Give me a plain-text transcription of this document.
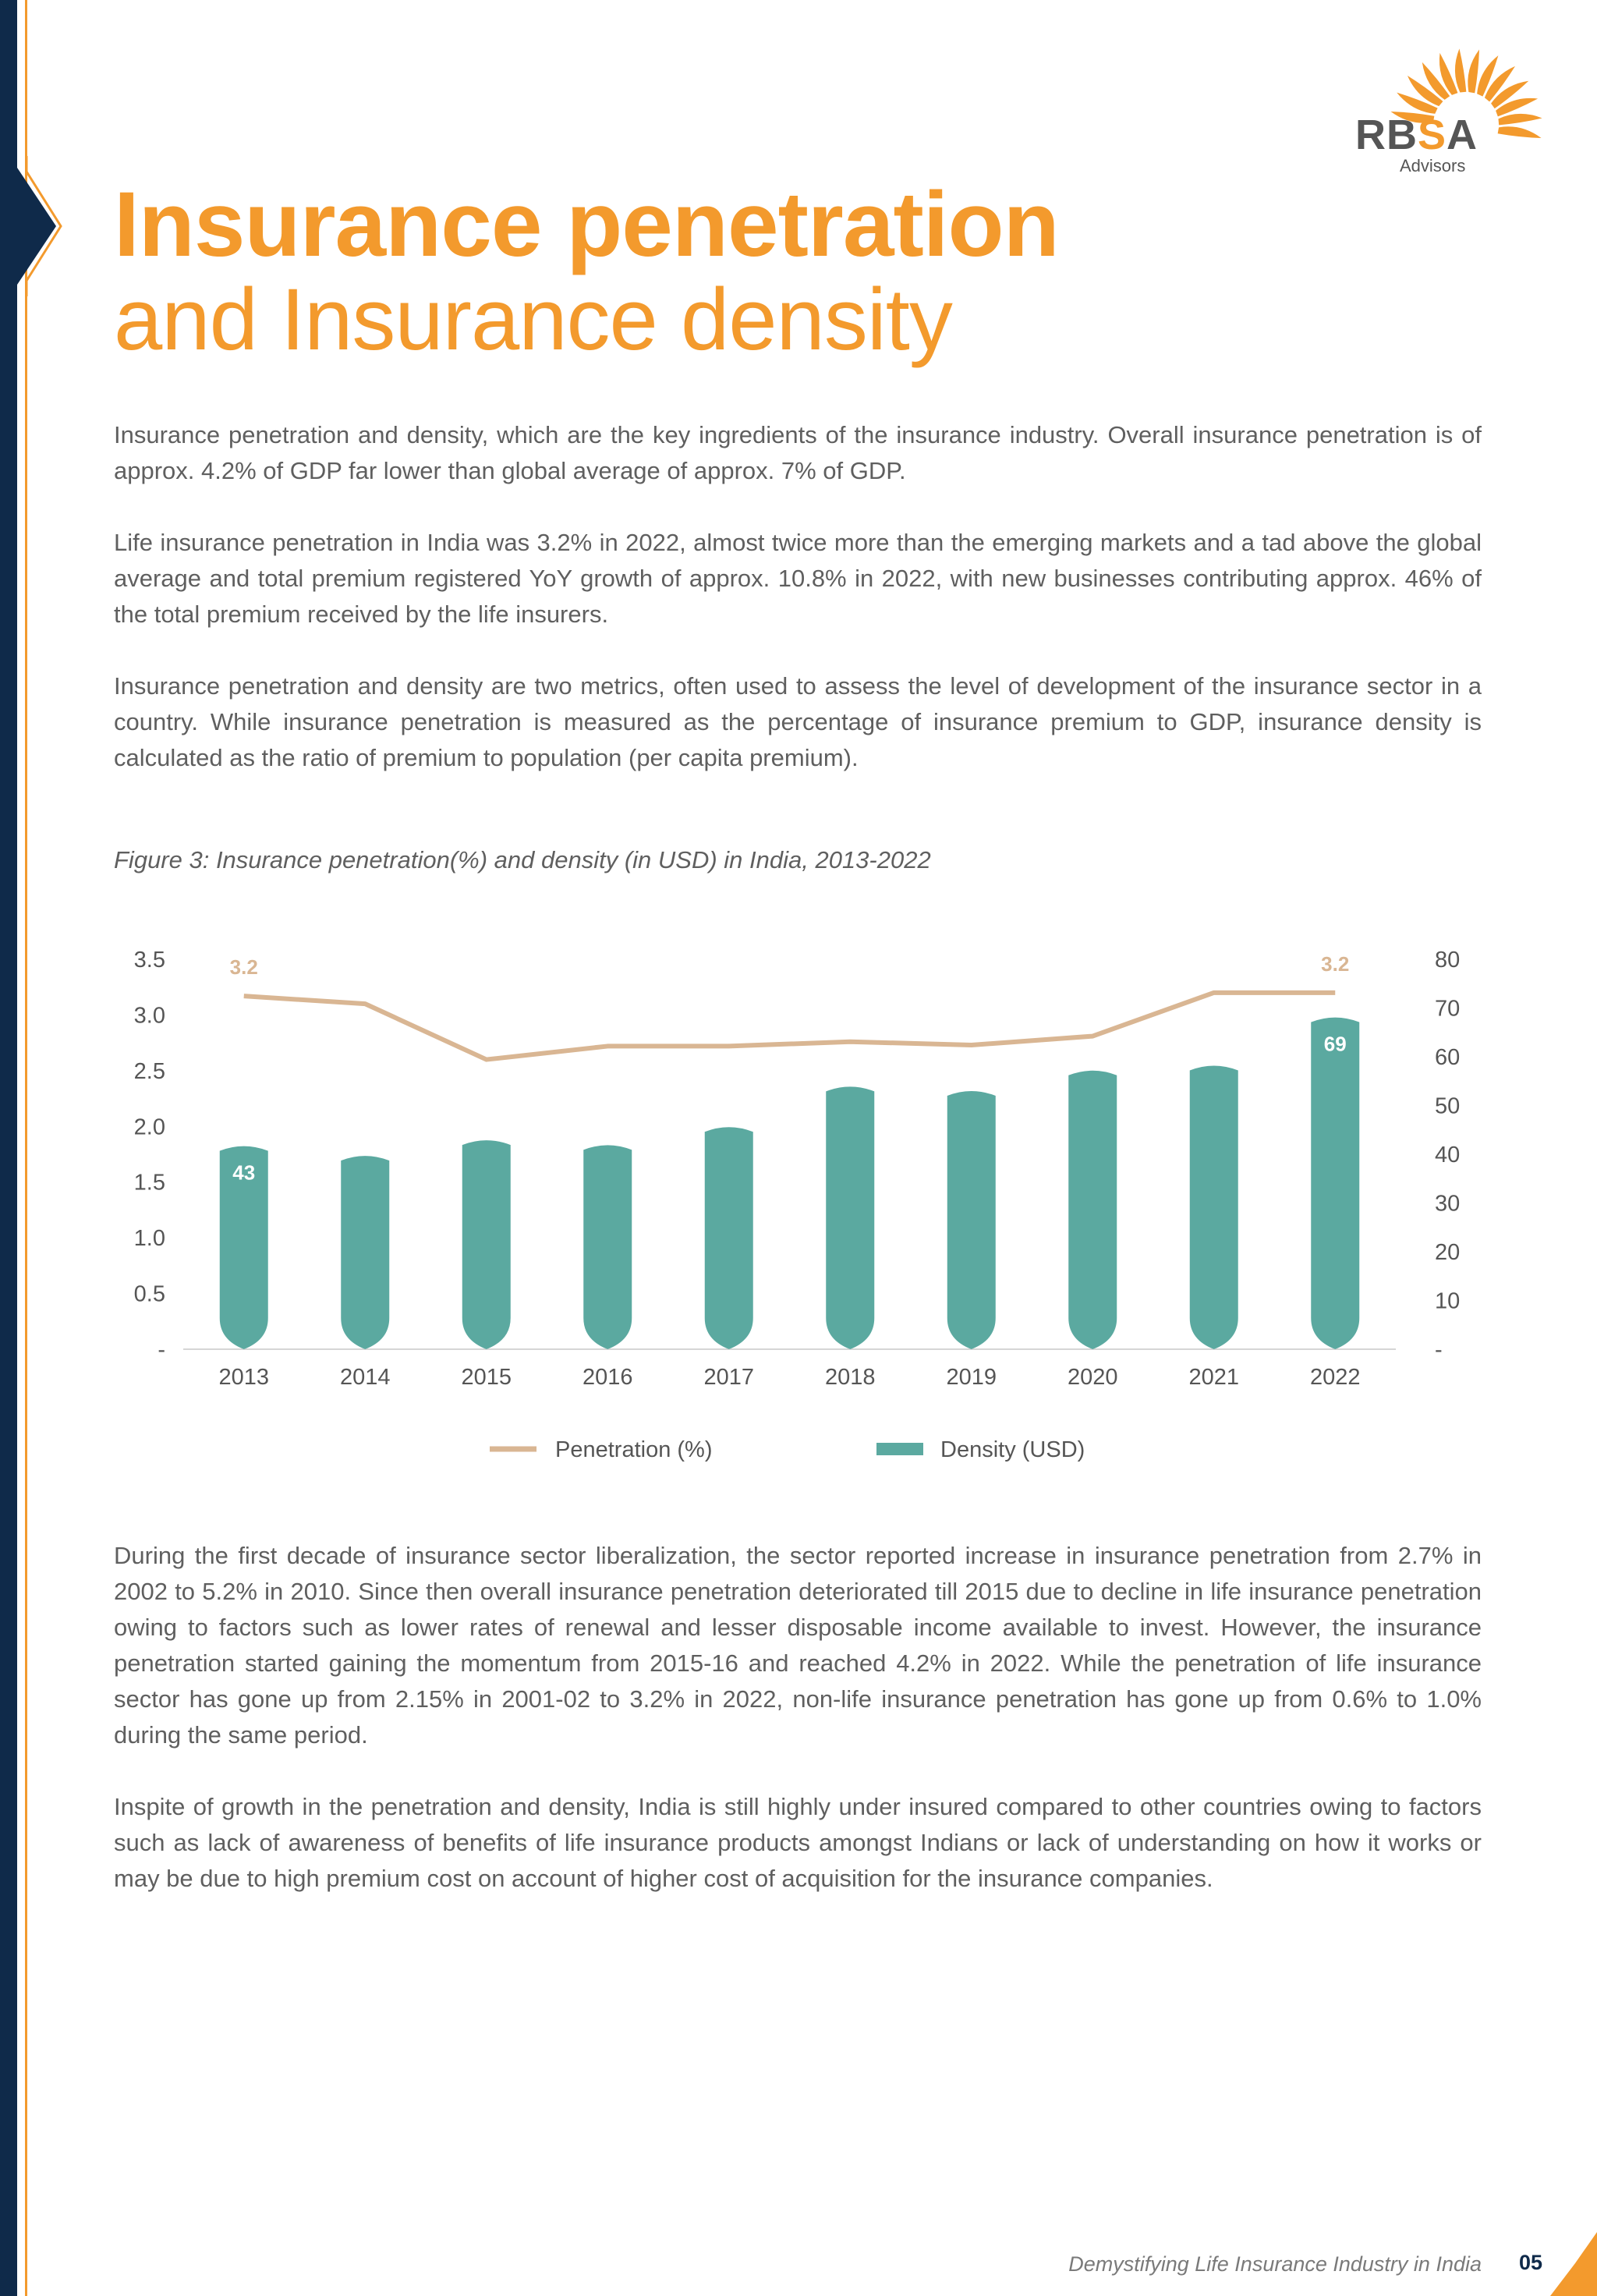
RBSA
Advisors
Insurance penetration
and Insurance density

Insurance penetration and density, which are the key ingredients of the insurance industry. Overall insurance penetration is of approx. 4.2% of GDP far lower than global average of approx. 7% of GDP.

Life insurance penetration in India was 3.2% in 2022, almost twice more than the emerging markets and a tad above the global average and total premium registered YoY growth of approx. 10.8% in 2022, with new businesses contributing approx. 46% of the total premium received by the life insurers.

Insurance penetration and density are two metrics, often used to assess the level of development of the insurance sector in a country. While insurance penetration is measured as the percentage of insurance premium to GDP, insurance density is calculated as the ratio of premium to population (per capita premium).

Figure 3: Insurance penetration(%) and density (in USD) in India, 2013-2022
-
0.5
1.0
1.5
2.0
2.5
3.0
3.5
-
10
20
30
40
50
60
70
80
43
2013	2014	2015	2016	2017	2018	2019	2020	2021
69
2022
3.2	3.2
Penetration (%)	Density (USD)

During the first decade of insurance sector liberalization, the sector reported increase in insurance penetration from 2.7% in 2002 to 5.2% in 2010. Since then overall insurance penetration deteriorated till 2015 due to decline in life insurance penetration owing to factors such as lower rates of renewal and lesser disposable income available to invest. However, the insurance penetration started gaining the momentum from 2015-16 and reached 4.2% in 2022. While the penetration of life insurance sector has gone up from 2.15% in 2001-02 to 3.2% in 2022, non-life insurance penetration has gone up from 0.6% to 1.0% during the same period.

Inspite of growth in the penetration and density, India is still highly under insured compared to other countries owing to factors such as lack of awareness of benefits of life insurance products amongst Indians or lack of understanding on how it works or may be due to high premium cost on account of higher cost of acquisition for the insurance companies.

Demystifying Life Insurance Industry in India 05
